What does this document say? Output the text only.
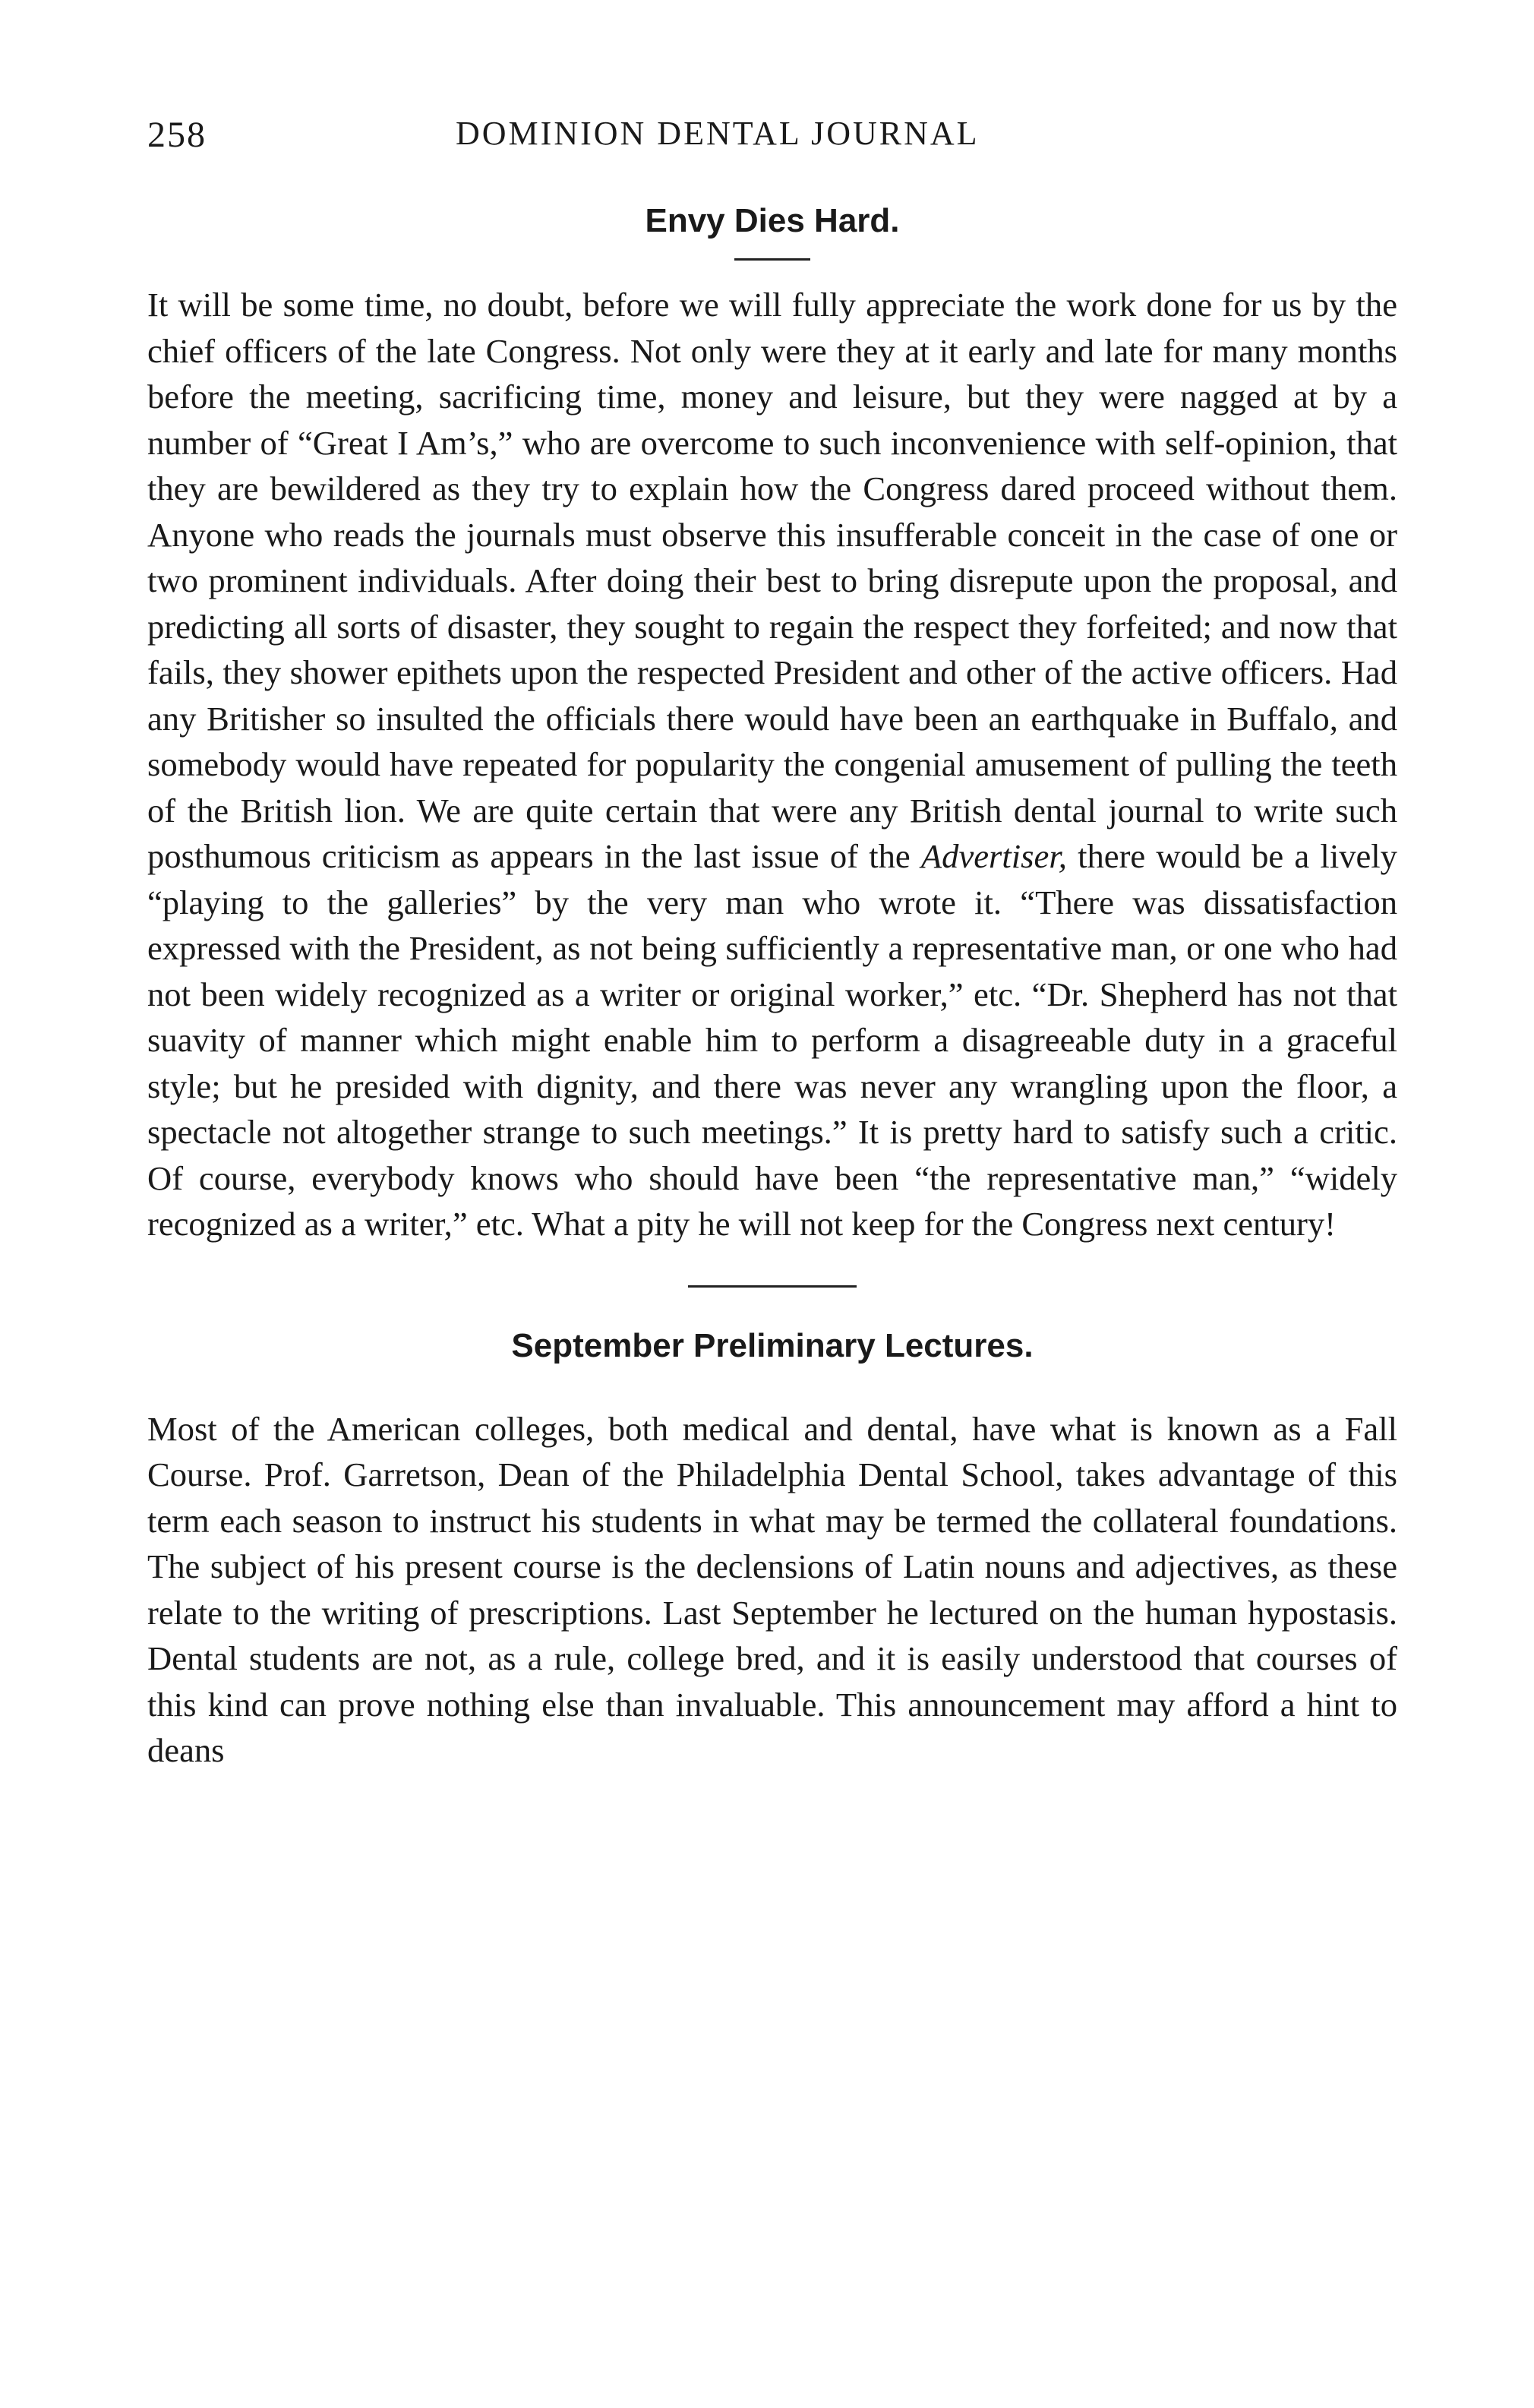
258	DOMINION DENTAL JOURNAL
Envy Dies Hard.

It will be some time, no doubt, before we will fully appreciate the work done for us by the chief officers of the late Congress. Not only were they at it early and late for many months before the meeting, sacrificing time, money and leisure, but they were nagged at by a number of “Great I Am’s,” who are overcome to such inconvenience with self-opinion, that they are bewildered as they try to explain how the Congress dared proceed without them. Anyone who reads the journals must observe this insufferable conceit in the case of one or two prominent individuals. After doing their best to bring disrepute upon the proposal, and predicting all sorts of disaster, they sought to regain the respect they forfeited; and now that fails, they shower epithets upon the respected President and other of the active officers. Had any Britisher so insulted the officials there would have been an earthquake in Buffalo, and somebody would have repeated for popularity the congenial amusement of pulling the teeth of the British lion. We are quite certain that were any British dental journal to write such posthumous criticism as appears in the last issue of the Advertiser, there would be a lively “playing to the galleries” by the very man who wrote it. “There was dissatisfaction expressed with the President, as not being sufficiently a representative man, or one who had not been widely recognized as a writer or original worker,” etc. “Dr. Shepherd has not that suavity of manner which might enable him to perform a disagreeable duty in a graceful style; but he presided with dignity, and there was never any wrangling upon the floor, a spectacle not altogether strange to such meetings.” It is pretty hard to satisfy such a critic. Of course, everybody knows who should have been “the representative man,” “widely recognized as a writer,” etc. What a pity he will not keep for the Congress next century!

September Preliminary Lectures.

Most of the American colleges, both medical and dental, have what is known as a Fall Course. Prof. Garretson, Dean of the Philadelphia Dental School, takes advantage of this term each season to instruct his students in what may be termed the collateral foundations. The subject of his present course is the declensions of Latin nouns and adjectives, as these relate to the writing of prescriptions. Last September he lectured on the human hypostasis. Dental students are not, as a rule, college bred, and it is easily understood that courses of this kind can prove nothing else than invaluable. This announcement may afford a hint to deans
